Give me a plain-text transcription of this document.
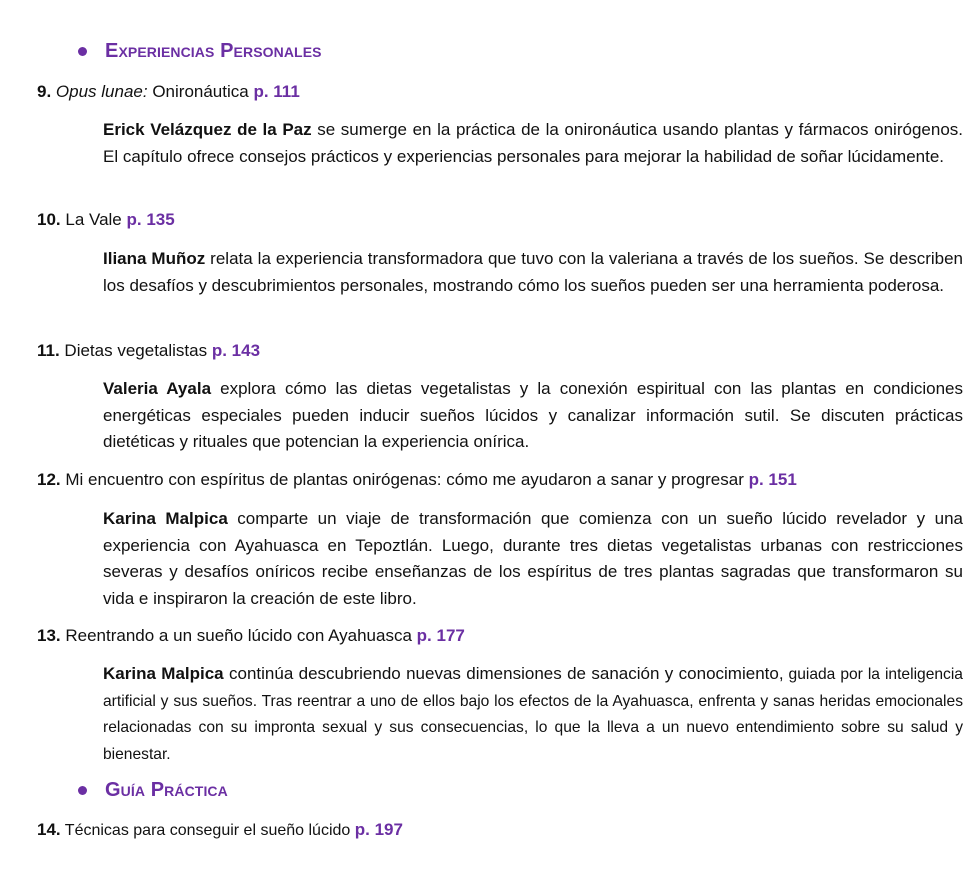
Experiencias Personales
9. Opus lunae: Onironáutica p. 111
Erick Velázquez de la Paz se sumerge en la práctica de la onironáutica usando plantas y fármacos onirógenos. El capítulo ofrece consejos prácticos y experiencias personales para mejorar la habilidad de soñar lúcidamente.
10. La Vale p. 135
Iliana Muñoz relata la experiencia transformadora que tuvo con la valeriana a través de los sueños. Se describen los desafíos y descubrimientos personales, mostrando cómo los sueños pueden ser una herramienta poderosa.
11. Dietas vegetalistas p. 143
Valeria Ayala explora cómo las dietas vegetalistas y la conexión espiritual con las plantas en condiciones energéticas especiales pueden inducir sueños lúcidos y canalizar información sutil. Se discuten prácticas dietéticas y rituales que potencian la experiencia onírica.
12. Mi encuentro con espíritus de plantas onirógenas: cómo me ayudaron a sanar y progresar p. 151
Karina Malpica comparte un viaje de transformación que comienza con un sueño lúcido revelador y una experiencia con Ayahuasca en Tepoztlán. Luego, durante tres dietas vegetalistas urbanas con restricciones severas y desafíos oníricos recibe enseñanzas de los espíritus de tres plantas sagradas que transformaron su vida e inspiraron la creación de este libro.
13. Reentrando a un sueño lúcido con Ayahuasca p. 177
Karina Malpica continúa descubriendo nuevas dimensiones de sanación y conocimiento, guiada por la inteligencia artificial y sus sueños. Tras reentrar a uno de ellos bajo los efectos de la Ayahuasca, enfrenta y sanas heridas emocionales relacionadas con su impronta sexual y sus consecuencias, lo que la lleva a un nuevo entendimiento sobre su salud y bienestar.
Guía Práctica
14. Técnicas para conseguir el sueño lúcido p. 197
